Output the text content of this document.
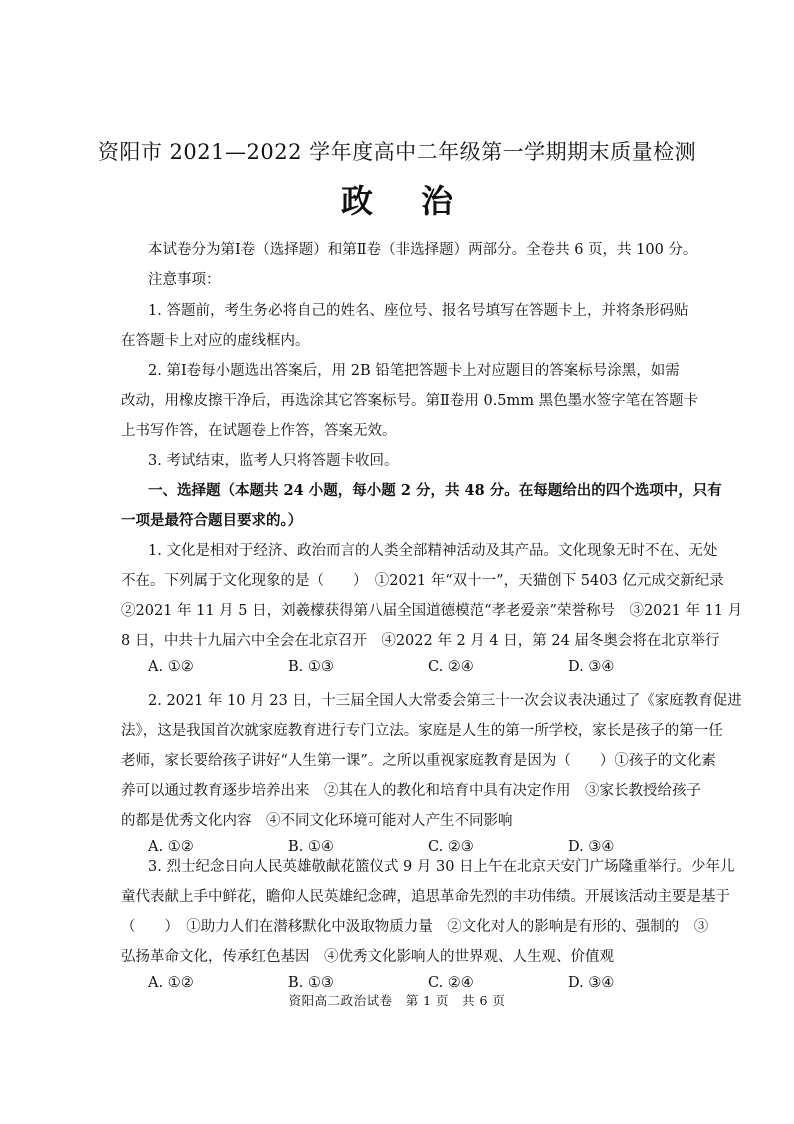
资阳市 2021—2022 学年度高中二年级第一学期期末质量检测
政治
本试卷分为第Ⅰ卷（选择题）和第Ⅱ卷（非选择题）两部分。全卷共 6 页，共 100 分。
注意事项：
1. 答题前，考生务必将自己的姓名、座位号、报名号填写在答题卡上，并将条形码贴
在答题卡上对应的虚线框内。
2. 第Ⅰ卷每小题选出答案后，用 2B 铅笔把答题卡上对应题目的答案标号涂黑，如需
改动，用橡皮擦干净后，再选涂其它答案标号。第Ⅱ卷用 0.5mm 黑色墨水签字笔在答题卡
上书写作答，在试题卷上作答，答案无效。
3. 考试结束，监考人只将答题卡收回。
一、选择题（本题共 24 小题，每小题 2 分，共 48 分。在每题给出的四个选项中，只有
一项是最符合题目要求的。）
1. 文化是相对于经济、政治而言的人类全部精神活动及其产品。文化现象无时不在、无处
不在。下列属于文化现象的是（　　）　①2021 年“双十一”，天猫创下 5403 亿元成交新纪录
②2021 年 11 月 5 日，刘羲檬获得第八届全国道德模范“孝老爱亲”荣誉称号　③2021 年 11 月
8 日，中共十九届六中全会在北京召开　④2022 年 2 月 4 日，第 24 届冬奥会将在北京举行
A. ①②	B. ①③	C. ②④	D. ③④
2. 2021 年 10 月 23 日，十三届全国人大常委会第三十一次会议表决通过了《家庭教育促进
法》，这是我国首次就家庭教育进行专门立法。家庭是人生的第一所学校，家长是孩子的第一任
老师，家长要给孩子讲好“人生第一课”。之所以重视家庭教育是因为（　　）①孩子的文化素
养可以通过教育逐步培养出来　②其在人的教化和培育中具有决定作用　③家长教授给孩子
的都是优秀文化内容　④不同文化环境可能对人产生不同影响
A. ①②	B. ①④	C. ②③	D. ③④
3. 烈士纪念日向人民英雄敬献花篮仪式 9 月 30 日上午在北京天安门广场隆重举行。少年儿
童代表献上手中鲜花，瞻仰人民英雄纪念碑，追思革命先烈的丰功伟绩。开展该活动主要是基于
（　　）　①助力人们在潜移默化中汲取物质力量　②文化对人的影响是有形的、强制的　③
弘扬革命文化，传承红色基因　④优秀文化影响人的世界观、人生观、价值观
资阳高二政治试卷　第 1 页　共 6 页
A. ①②	B. ①③	C. ②④	D. ③④
